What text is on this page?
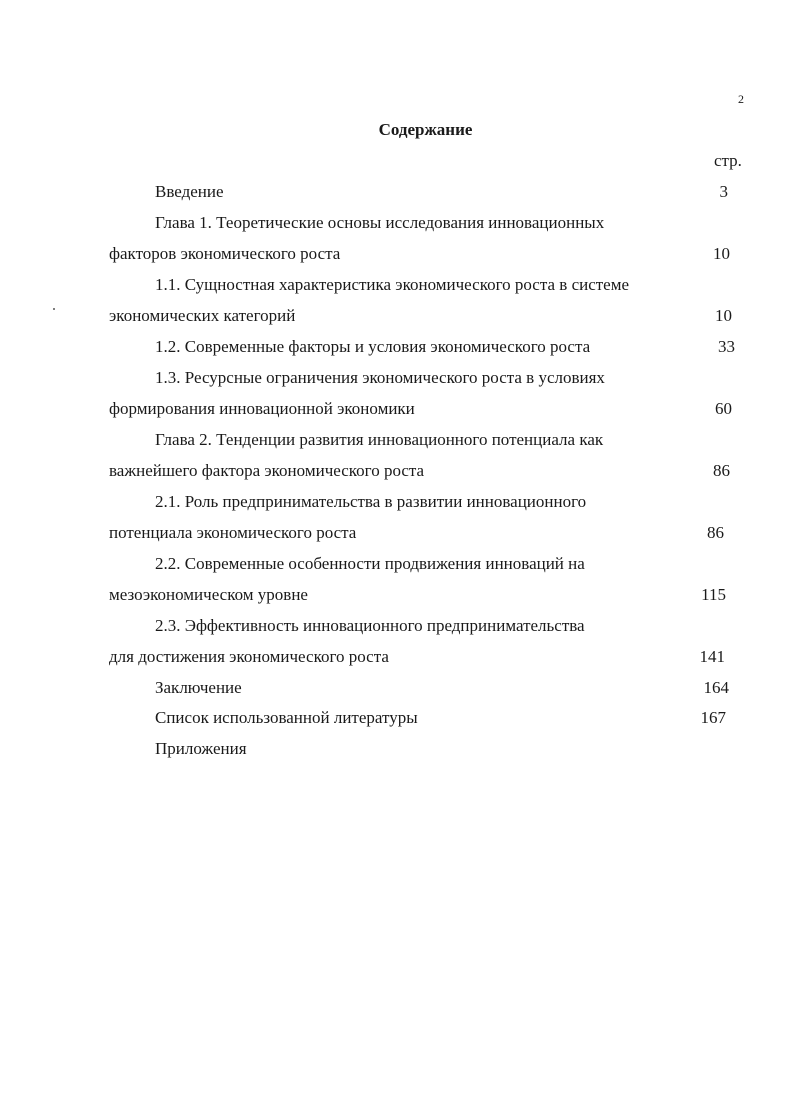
2
Содержание
стр.
Введение	3
Глава 1. Теоретические основы исследования инновационных
факторов экономического роста	10
1.1. Сущностная характеристика экономического роста в системе
экономических категорий	10
1.2. Современные факторы и условия экономического роста	33
1.3. Ресурсные ограничения экономического роста в условиях
формирования инновационной экономики	60
Глава 2. Тенденции развития инновационного потенциала как
важнейшего фактора экономического роста	86
2.1. Роль предпринимательства в развитии инновационного
потенциала экономического роста	86
2.2. Современные особенности продвижения инноваций на
мезоэкономическом уровне	115
2.3. Эффективность инновационного предпринимательства
для достижения экономического роста	141
Заключение	164
Список использованной литературы	167
Приложения
